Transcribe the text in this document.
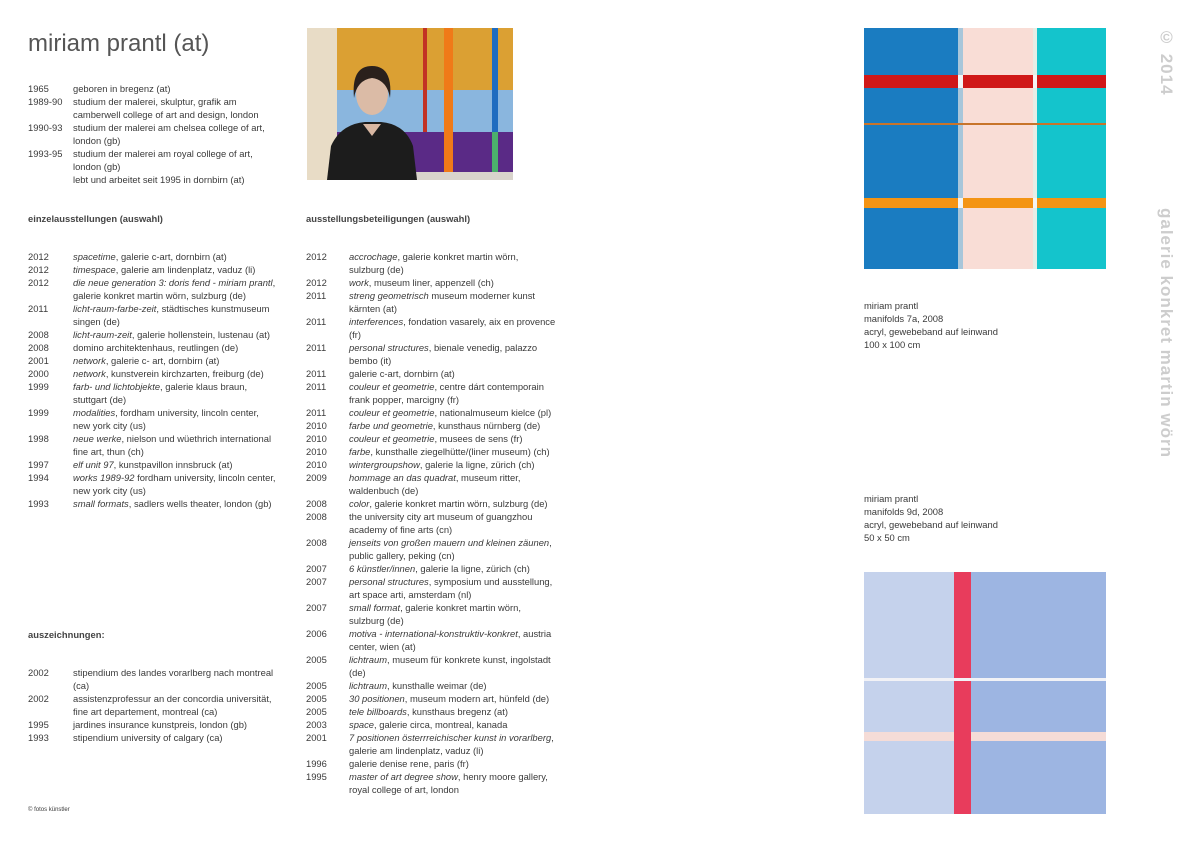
miriam prantl (at)
1965	geboren in bregenz (at)
1989-90	studium der malerei, skulptur, grafik am camberwell college of art and design, london
1990-93	studium der malerei am chelsea college of art, london (gb)
1993-95	studium der malerei am royal college of art, london (gb)
lebt und arbeitet seit 1995 in dornbirn (at)
einzelausstellungen (auswahl)
2012	spacetime, galerie c-art, dornbirn (at)
2012	timespace, galerie am lindenplatz, vaduz (li)
2012	die neue generation 3: doris fend - miriam prantl, galerie konkret martin wörn, sulzburg (de)
2011	licht-raum-farbe-zeit, städtisches kunstmuseum singen (de)
2008	licht-raum-zeit, galerie hollenstein, lustenau (at)
2008	domino architektenhaus, reutlingen (de)
2001	network, galerie c- art, dornbirn (at)
2000	network, kunstverein kirchzarten, freiburg (de)
1999	farb- und lichtobjekte, galerie klaus braun, stuttgart (de)
1999	modalities, fordham university, lincoln center, new york city (us)
1998	neue werke, nielson und wüethrich international fine art, thun (ch)
1997	elf unit 97, kunstpavillon innsbruck (at)
1994	works 1989-92 fordham university, lincoln center, new york city (us)
1993	small formats, sadlers wells theater, london (gb)
auszeichnungen:
2002	stipendium des landes vorarlberg nach montreal (ca)
2002	assistenzprofessur an der concordia universität, fine art departement, montreal (ca)
1995	jardines insurance kunstpreis, london (gb)
1993	stipendium university of calgary (ca)
ausstellungsbeteiligungen (auswahl)
2012	accrochage, galerie konkret martin wörn, sulzburg (de)
2012	work, museum liner, appenzell (ch)
2011	streng geometrisch museum moderner kunst kärnten (at)
2011	interferences, fondation vasarely, aix en provence (fr)
2011	personal structures, bienale venedig, palazzo bembo (it)
2011	galerie c-art, dornbirn (at)
2011	couleur et geometrie, centre dárt contemporain frank popper, marcigny (fr)
2011	couleur et geometrie, nationalmuseum kielce (pl)
2010	farbe und geometrie, kunsthaus nürnberg (de)
2010	couleur et geometrie, musees de sens (fr)
2010	farbe, kunsthalle ziegelhütte/(liner museum) (ch)
2010	wintergroupshow, galerie la ligne, zürich (ch)
2009	hommage an das quadrat, museum ritter, waldenbuch (de)
2008	color, galerie konkret martin wörn, sulzburg (de)
2008	the university city art museum of guangzhou academy of fine arts (cn)
2008	jenseits von großen mauern und kleinen zäunen, public gallery, peking (cn)
2007	6 künstler/innen, galerie la ligne, zürich (ch)
2007	personal structures, symposium und ausstellung, art space arti, amsterdam (nl)
2007	small format, galerie konkret martin wörn, sulzburg (de)
2006	motiva - international-konstruktiv-konkret, austria center, wien (at)
2005	lichtraum, museum für konkrete kunst, ingolstadt (de)
2005	lichtraum, kunsthalle weimar (de)
2005	30 positionen, museum modern art, hünfeld (de)
2005	tele billboards, kunsthaus bregenz (at)
2003	space, galerie circa, montreal, kanada
2001	7 positionen österrreichischer kunst in vorarlberg, galerie am lindenplatz, vaduz (li)
1996	galerie denise rene, paris (fr)
1995	master of art degree show, henry moore gallery, royal college of art, london
© fotos künstler
miriam prantl
manifolds 7a, 2008
acryl, gewebeband auf leinwand
100 x 100 cm
miriam prantl
manifolds 9d, 2008
acryl, gewebeband auf leinwand
50 x 50 cm
© 2014
galerie konkret martin wörn
